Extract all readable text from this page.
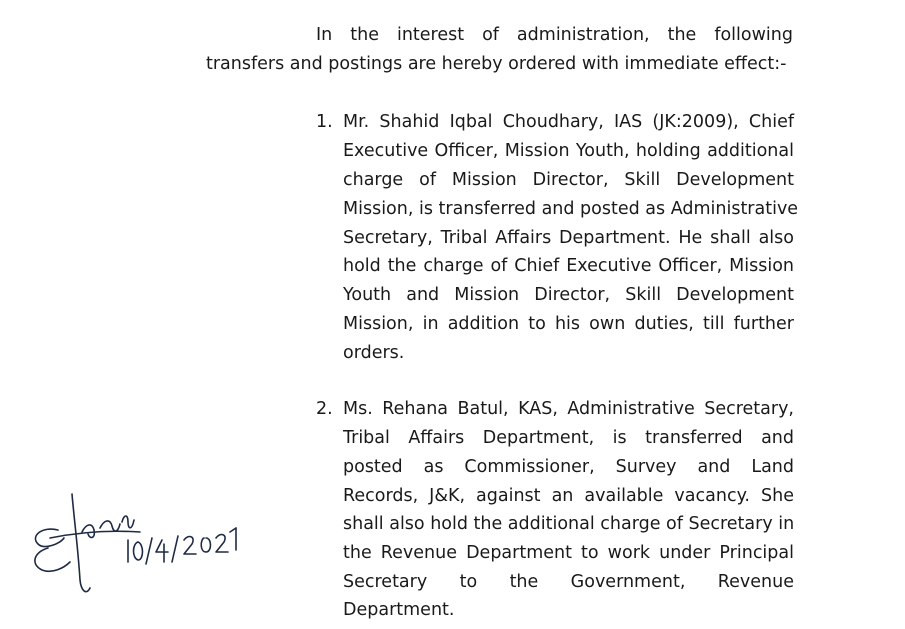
In the interest of administration, the following
transfers and postings are hereby ordered with immediate effect:-
1. Mr. Shahid Iqbal Choudhary, IAS (JK:2009), Chief
Executive Officer, Mission Youth, holding additional
charge of Mission Director, Skill Development
Mission, is transferred and posted as Administrative
Secretary, Tribal Affairs Department. He shall also
hold the charge of Chief Executive Officer, Mission
Youth and Mission Director, Skill Development
Mission, in addition to his own duties, till further
orders.
2. Ms. Rehana Batul, KAS, Administrative Secretary,
Tribal Affairs Department, is transferred and
posted as Commissioner, Survey and Land
Records, J&K, against an available vacancy. She
shall also hold the additional charge of Secretary in
the Revenue Department to work under Principal
Secretary to the Government, Revenue
Department.
